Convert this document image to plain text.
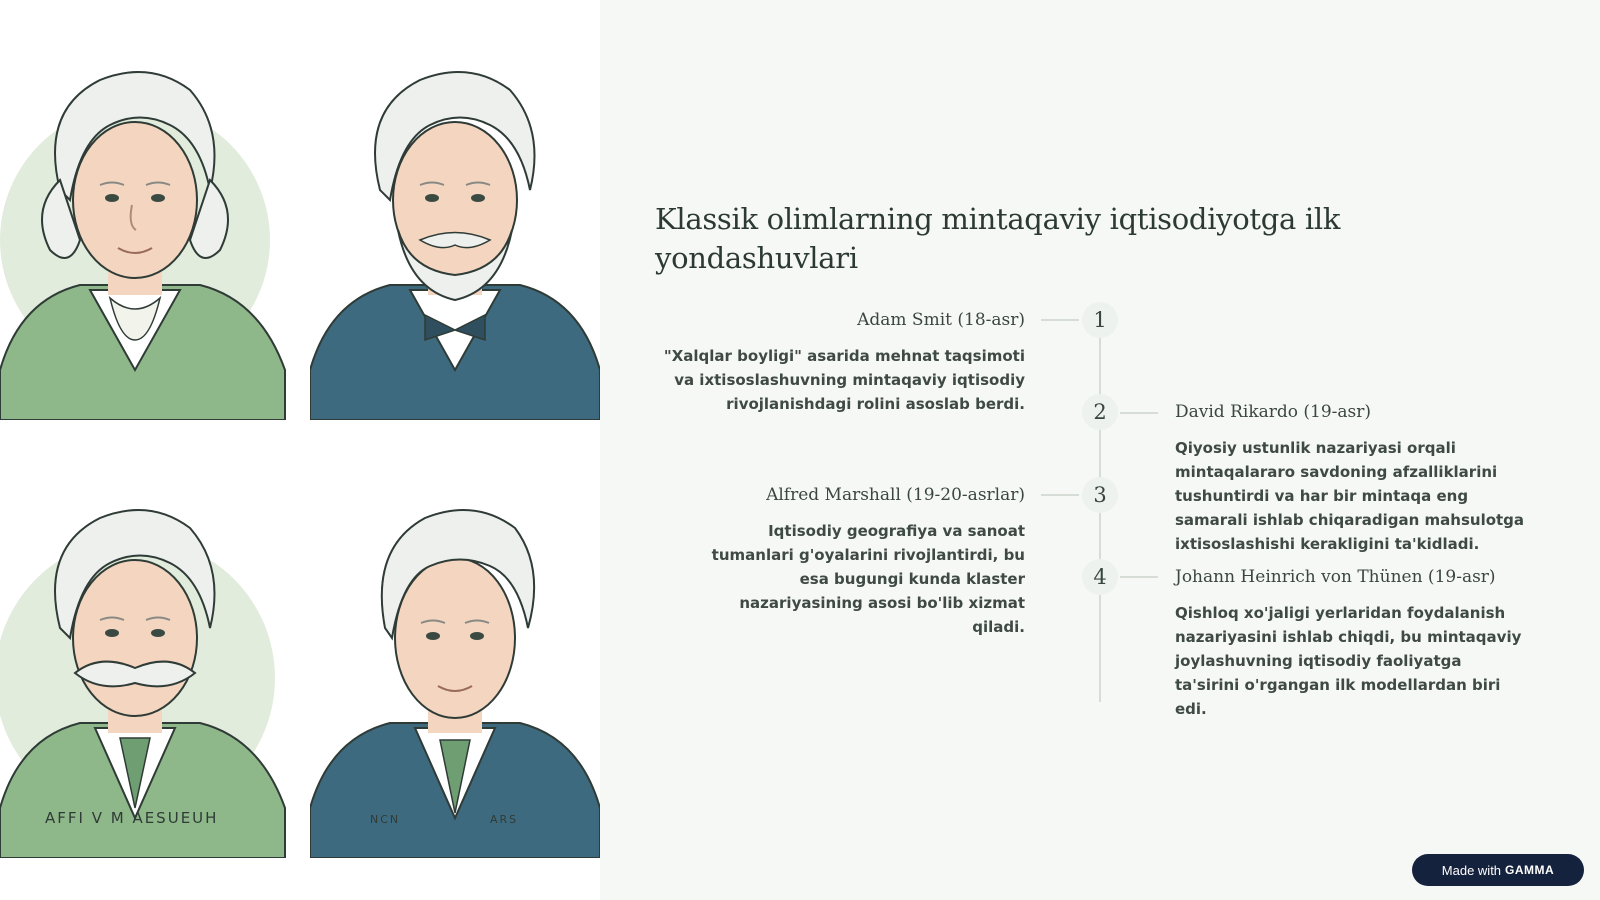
AFFI V M AESUEUH	NCN	ARS
Klassik olimlarning mintaqaviy iqtisodiyotga ilk yondashuvlari
1
Adam Smit (18-asr)
"Xalqlar boyligi" asarida mehnat taqsimoti va ixtisoslashuvning mintaqaviy iqtisodiy rivojlanishdagi rolini asoslab berdi.	2	David Rikardo (19-asr)
Qiyosiy ustunlik nazariyasi orqali mintaqalararo savdoning afzalliklarini tushuntirdi va har bir mintaqa eng samarali ishlab chiqaradigan mahsulotga ixtisoslashishi kerakligini ta'kidladi.
3
Alfred Marshall (19-20-asrlar)
Iqtisodiy geografiya va sanoat tumanlari g'oyalarini rivojlantirdi, bu esa bugungi kunda klaster nazariyasining asosi bo'lib xizmat qiladi.
4	Johann Heinrich von Thünen (19-asr)
Qishloq xo'jaligi yerlaridan foydalanish nazariyasini ishlab chiqdi, bu mintaqaviy joylashuvning iqtisodiy faoliyatga ta'sirini o'rgangan ilk modellardan biri edi.
Made with GAMMA
